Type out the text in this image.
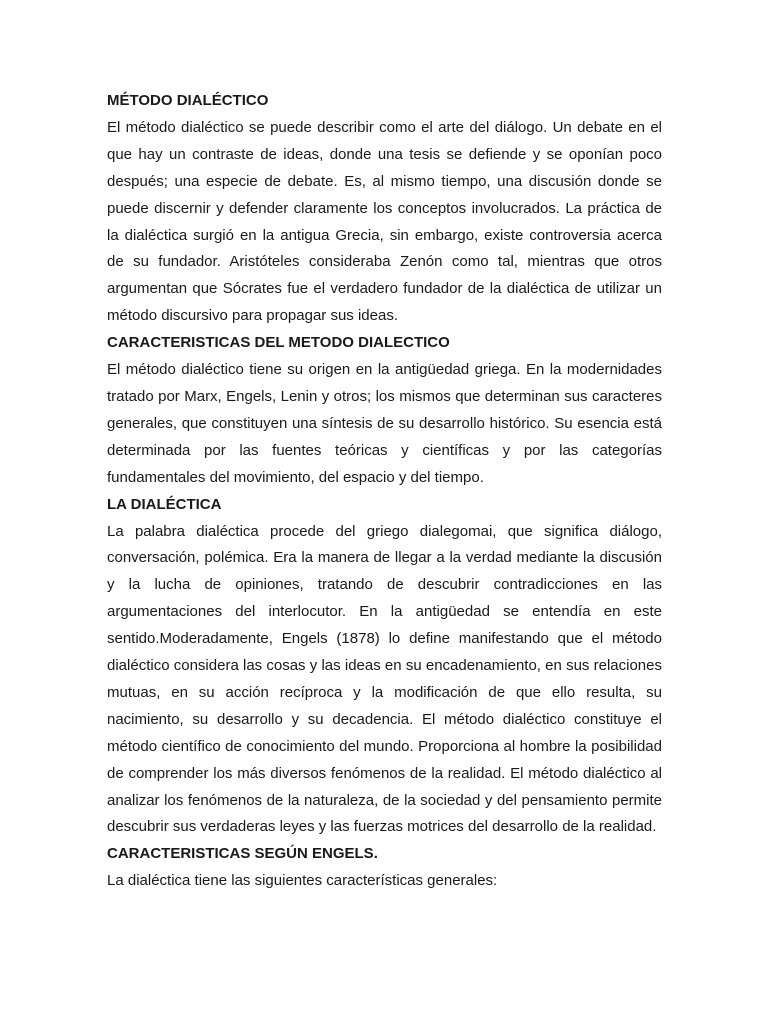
MÉTODO DIALÉCTICO

El método dialéctico se puede describir como el arte del diálogo. Un debate en el que hay un contraste de ideas, donde una tesis se defiende y se oponían poco después; una especie de debate. Es, al mismo tiempo, una discusión donde se puede discernir y defender claramente los conceptos involucrados. La práctica de la dialéctica surgió en la antigua Grecia, sin embargo, existe controversia acerca de su fundador. Aristóteles consideraba Zenón como tal, mientras que otros argumentan que Sócrates fue el verdadero fundador de la dialéctica de utilizar un método discursivo para propagar sus ideas.

CARACTERISTICAS DEL METODO DIALECTICO

El método dialéctico tiene su origen en la antigüedad griega. En la modernidades tratado por Marx, Engels, Lenin y otros; los mismos que determinan sus caracteres generales, que constituyen una síntesis de su desarrollo histórico. Su esencia está determinada por las fuentes teóricas y científicas y por las categorías fundamentales del movimiento, del espacio y del tiempo.

LA DIALÉCTICA

La palabra dialéctica procede del griego dialegomai, que significa diálogo, conversación, polémica. Era la manera de llegar a la verdad mediante la discusión y la lucha de opiniones, tratando de descubrir contradicciones en las argumentaciones del interlocutor. En la antigüedad se entendía en este sentido.Moderadamente, Engels (1878) lo define manifestando que el método dialéctico considera las cosas y las ideas en su encadenamiento, en sus relaciones mutuas, en su acción recíproca y la modificación de que ello resulta, su nacimiento, su desarrollo y su decadencia. El método dialéctico constituye el método científico de conocimiento del mundo. Proporciona al hombre la posibilidad de comprender los más diversos fenómenos de la realidad. El método dialéctico al analizar los fenómenos de la naturaleza, de la sociedad y del pensamiento permite descubrir sus verdaderas leyes y las fuerzas motrices del desarrollo de la realidad.

CARACTERISTICAS SEGÚN ENGELS.

La dialéctica tiene las siguientes características generales:
